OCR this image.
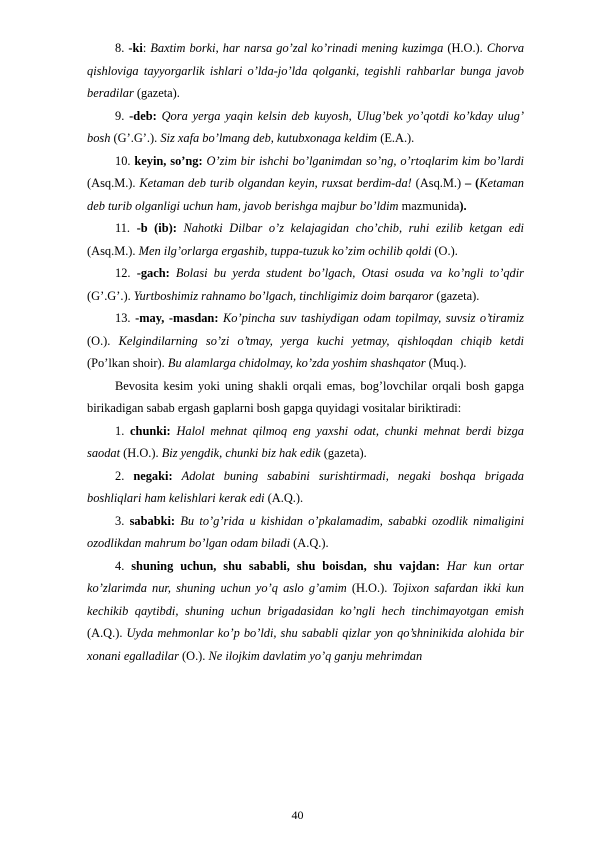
8. -ki: Baxtim borki, har narsa go’zal ko’rinadi mening kuzimga (H.O.). Chorva qishloviga tayyorgarlik ishlari o’lda-jo’lda qolganki, tegishli rahbarlar bunga javob beradilar (gazeta).

9. -deb: Qora yerga yaqin kelsin deb kuyosh, Ulug’bek yo’qotdi ko’kday ulug’ bosh (G’.G’.). Siz xafa bo’lmang deb, kutubxonaga keldim (E.A.).

10. keyin, so’ng: O’zim bir ishchi bo’lganimdan so’ng, o’rtoqlarim kim bo’lardi (Asq.M.). Ketaman deb turib olgandan keyin, ruxsat berdim-da! (Asq.M.) – (Ketaman deb turib olganligi uchun ham, javob berishga majbur bo’ldim mazmunida).

11. -b (ib): Nahotki Dilbar o’z kelajagidan cho’chib, ruhi ezilib ketgan edi (Asq.M.). Men ilg’orlarga ergashib, tuppa-tuzuk ko’zim ochilib qoldi (O.).

12. -gach: Bolasi bu yerda student bo’lgach, Otasi osuda va ko’ngli to’qdir (G’.G’.). Yurtboshimiz rahnamo bo’lgach, tinchligimiz doim barqaror (gazeta).

13. -may, -masdan: Ko’pincha suv tashiydigan odam topilmay, suvsiz o’tiramiz (O.). Kelgindilarning so’zi o’tmay, yerga kuchi yetmay, qishloqdan chiqib ketdi (Po’lkan shoir). Bu alamlarga chidolmay, ko’zda yoshim shashqator (Muq.).

Bevosita kesim yoki uning shakli orqali emas, bog’lovchilar orqali bosh gapga birikadigan sabab ergash gaplarni bosh gapga quyidagi vositalar biriktiradi:

1. chunki: Halol mehnat qilmoq eng yaxshi odat, chunki mehnat berdi bizga saodat (H.O.). Biz yengdik, chunki biz hak edik (gazeta).

2. negaki: Adolat buning sababini surishtirmadi, negaki boshqa brigada boshliqlari ham kelishlari kerak edi (A.Q.).

3. sababki: Bu to’g’rida u kishidan o’pkalamadim, sababki ozodlik nimaligini ozodlikdan mahrum bo’lgan odam biladi (A.Q.).

4. shuning uchun, shu sababli, shu boisdan, shu vajdan: Har kun ortar ko’zlarimda nur, shuning uchun yo’q aslo g’amim (H.O.). Tojixon safardan ikki kun kechikib qaytibdi, shuning uchun brigadasidan ko’ngli hech tinchimayotgan emish (A.Q.). Uyda mehmonlar ko’p bo’ldi, shu sababli qizlar yon qo’shninikida alohida bir xonani egalladilar (O.). Ne ilojkim davlatim yo’q ganju mehrimdan

40
